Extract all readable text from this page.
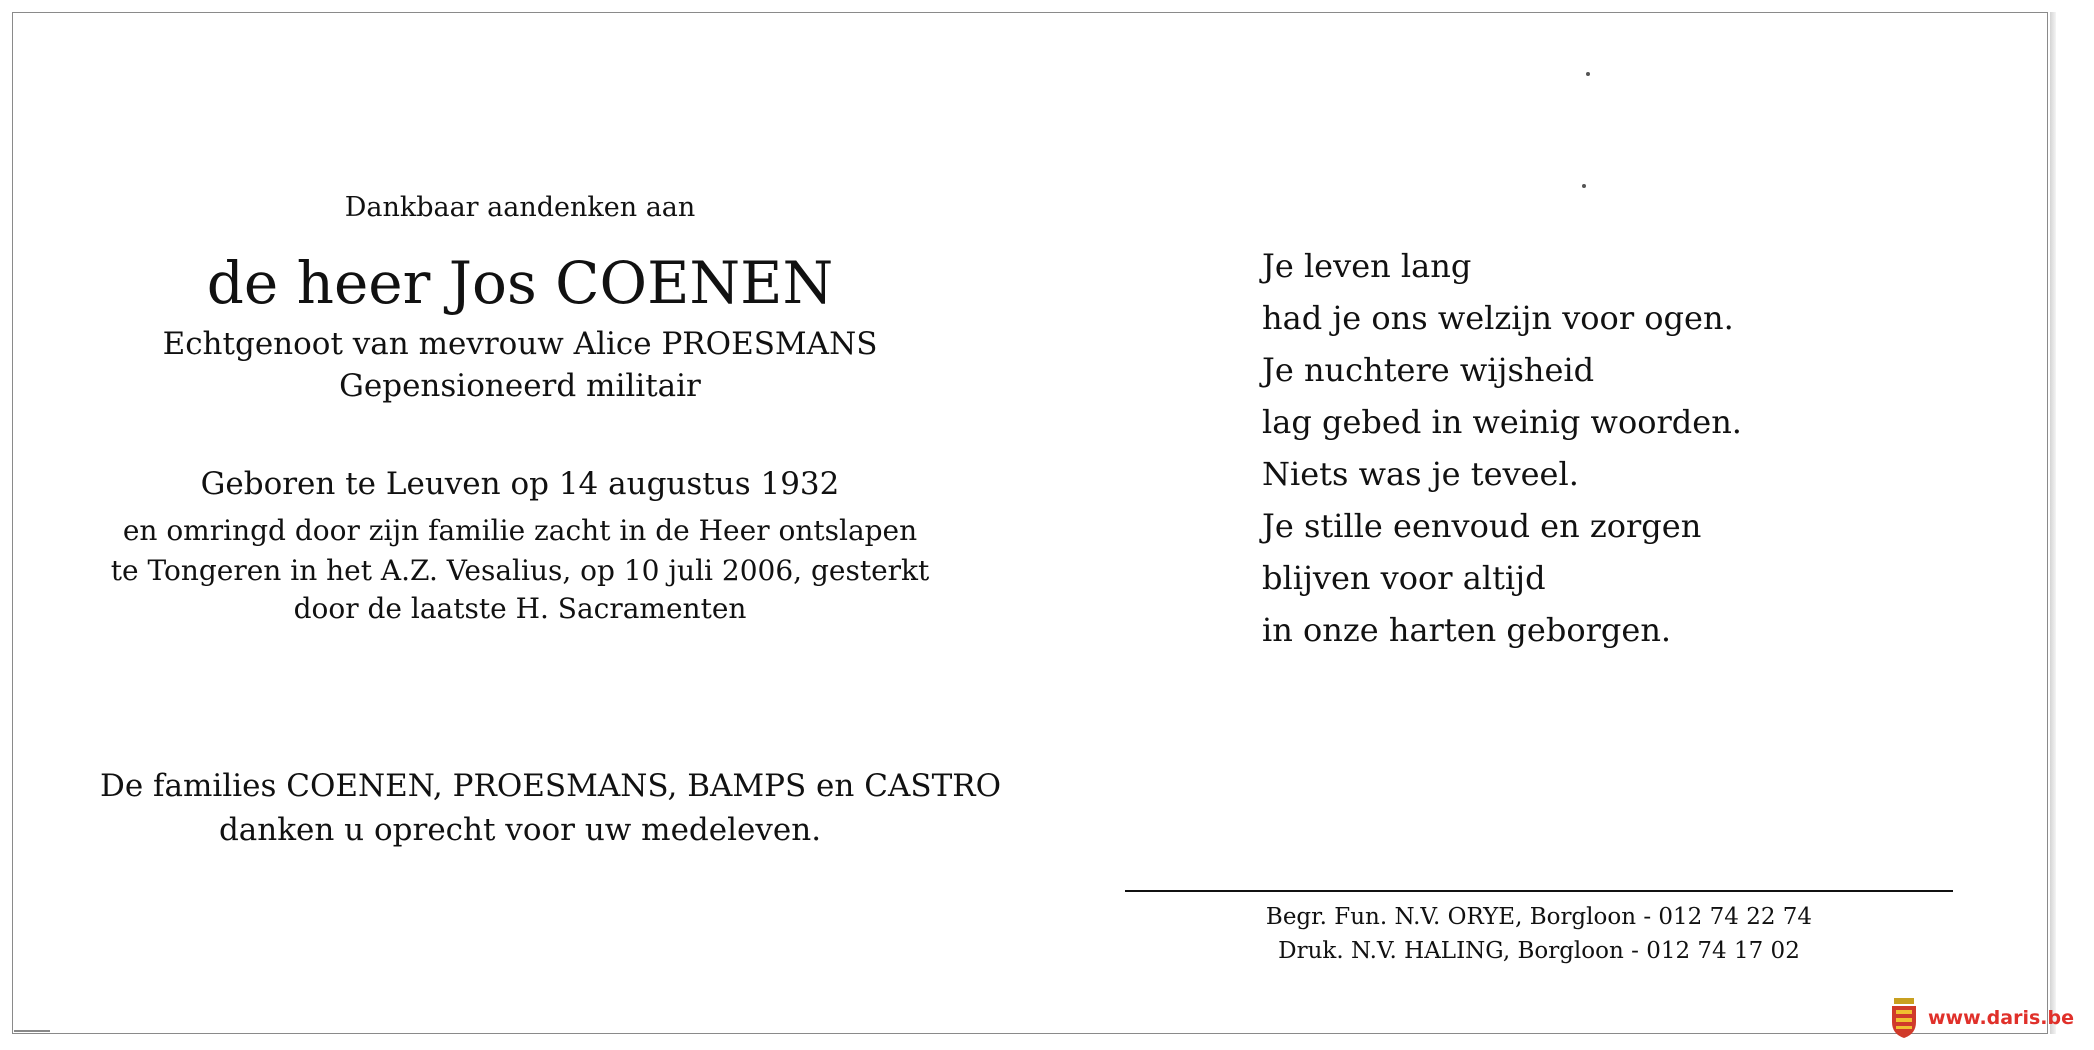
Dankbaar aandenken aan
de heer Jos COENEN
Echtgenoot van mevrouw Alice PROESMANS
Gepensioneerd militair
Geboren te Leuven op 14 augustus 1932
en omringd door zijn familie zacht in de Heer ontslapen
te Tongeren in het A.Z. Vesalius, op 10 juli 2006, gesterkt
door de laatste H. Sacramenten
De families COENEN, PROESMANS, BAMPS en CASTRO
danken u oprecht voor uw medeleven.
Je leven lang
had je ons welzijn voor ogen.
Je nuchtere wijsheid
lag gebed in weinig woorden.
Niets was je teveel.
Je stille eenvoud en zorgen
blijven voor altijd
in onze harten geborgen.
Begr. Fun. N.V. ORYE, Borgloon - 012 74 22 74
Druk. N.V. HALING, Borgloon - 012 74 17 02
www.daris.be
